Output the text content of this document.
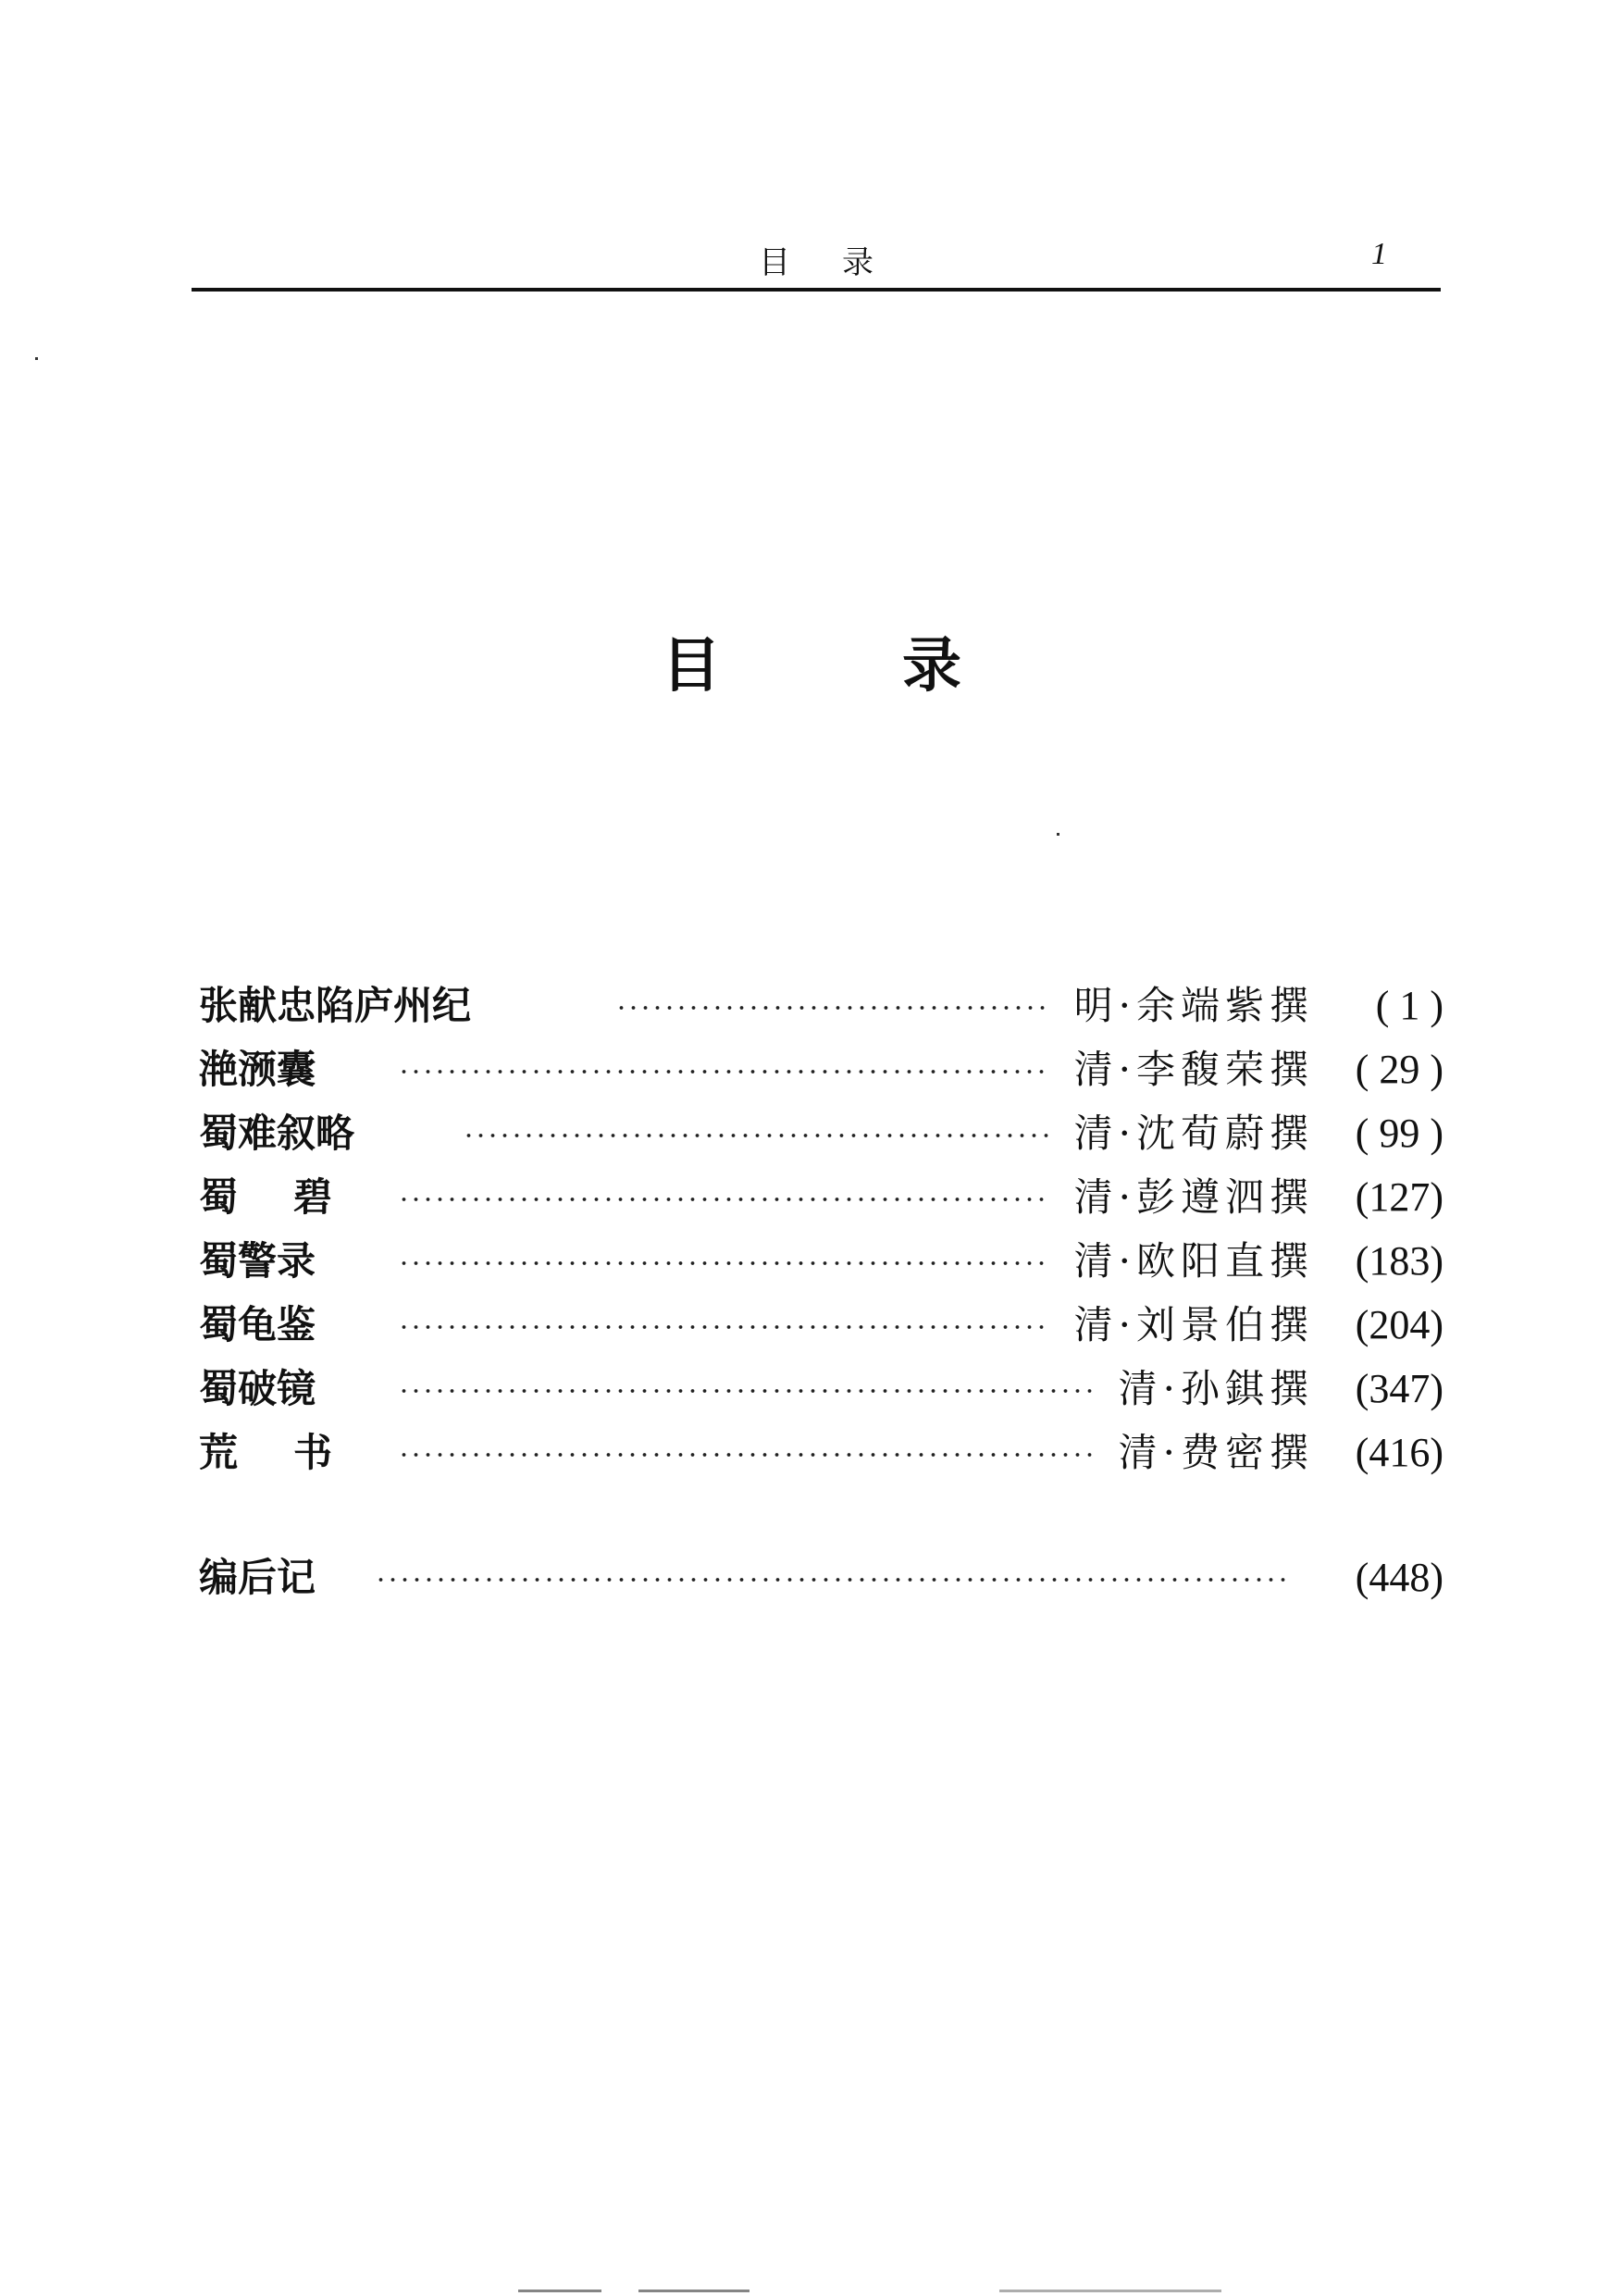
目录	1
目录
张献忠陷庐州纪	明·余端紫撰	( 1 )
滟滪囊	清·李馥荣撰	( 29 )
蜀难叙略	清·沈荀蔚撰	( 99 )
蜀碧	清·彭遵泗撰	(127)
蜀警录	清·欧阳直撰	(183)
蜀龟鉴	清·刘景伯撰	(204)
蜀破镜	清·孙錤撰	(347)
荒书	清·费密撰	(416)
编后记	(448)
